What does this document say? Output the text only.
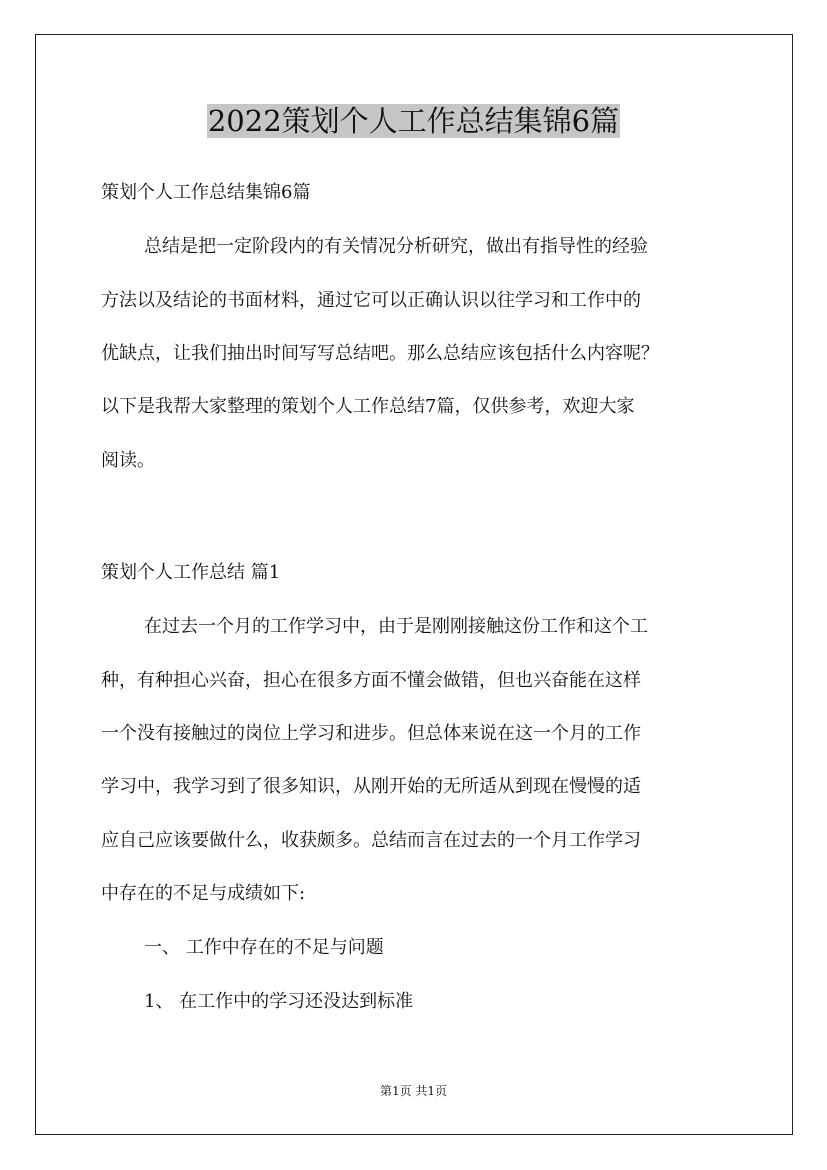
2022策划个人工作总结集锦6篇

策划个人工作总结集锦6篇

总结是把一定阶段内的有关情况分析研究，做出有指导性的经验

方法以及结论的书面材料，通过它可以正确认识以往学习和工作中的

优缺点，让我们抽出时间写写总结吧。那么总结应该包括什么内容呢？

以下是我帮大家整理的策划个人工作总结7篇，仅供参考，欢迎大家

阅读。

策划个人工作总结 篇1

在过去一个月的工作学习中，由于是刚刚接触这份工作和这个工

种，有种担心兴奋，担心在很多方面不懂会做错，但也兴奋能在这样

一个没有接触过的岗位上学习和进步。但总体来说在这一个月的工作

学习中，我学习到了很多知识，从刚开始的无所适从到现在慢慢的适

应自己应该要做什么，收获颇多。总结而言在过去的一个月工作学习

中存在的不足与成绩如下:

一、 工作中存在的不足与问题

1、 在工作中的学习还没达到标准

第1页 共1页
